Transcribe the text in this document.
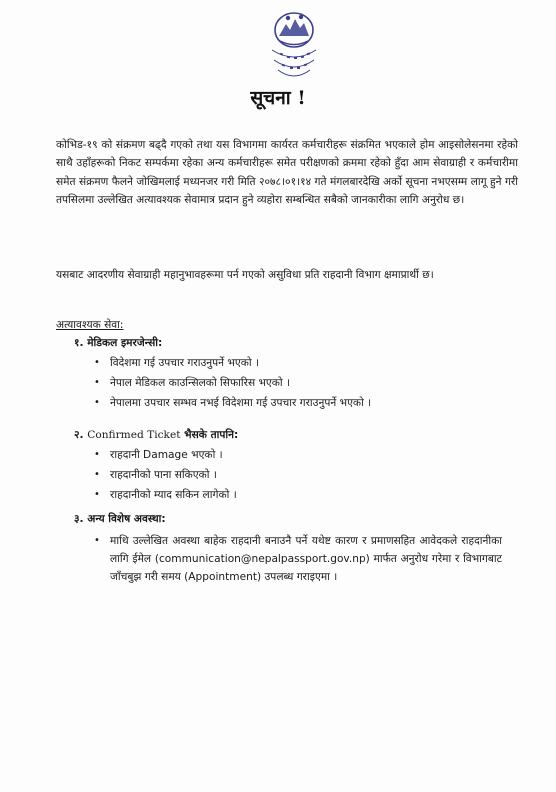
सूचना !

कोभिड-१९ को संक्रमण बढ्दै गएको तथा यस विभागमा कार्यरत कर्मचारीहरू संक्रमित भएकाले होम आइसोलेसनमा रहेको साथै उहाँहरूको निकट सम्पर्कमा रहेका अन्य कर्मचारीहरू समेत परीक्षणको क्रममा रहेको हुँदा आम सेवाग्राही र कर्मचारीमा समेत संक्रमण फैलने जोखिमलाई मध्यनजर गरी मिति २०७८।०१।१४ गते मंगलबारदेखि अर्को सूचना नभएसम्म लागू हुने गरी तपसिलमा उल्लेखित अत्यावश्यक सेवामात्र प्रदान हुने व्यहोरा सम्बन्धित सबैको जानकारीका लागि अनुरोध छ।

यसबाट आदरणीय सेवाग्राही महानुभावहरूमा पर्न गएको असुविधा प्रति राहदानी विभाग क्षमाप्रार्थी छ।

अत्यावश्यक सेवा:

१. मेडिकल इमरजेन्सी:

• विदेशमा गई उपचार गराउनुपर्ने भएको ।
• नेपाल मेडिकल काउन्सिलको सिफारिस भएको ।
• नेपालमा उपचार सम्भव नभई विदेशमा गई उपचार गराउनुपर्ने भएको ।

२. Confirmed Ticket भैसके तापनि:

• राहदानी Damage भएको ।
• राहदानीको पाना सकिएको ।
• राहदानीको म्याद सकिन लागेको ।

३. अन्य विशेष अवस्था:

• माथि उल्लेखित अवस्था बाहेक राहदानी बनाउनै पर्ने यथेष्ट कारण र प्रमाणसहित आवेदकले राहदानीका लागि ईमेल (communication@nepalpassport.gov.np) मार्फत अनुरोध गरेमा र विभागबाट जाँचबुझ गरी समय (Appointment) उपलब्ध गराइएमा ।
